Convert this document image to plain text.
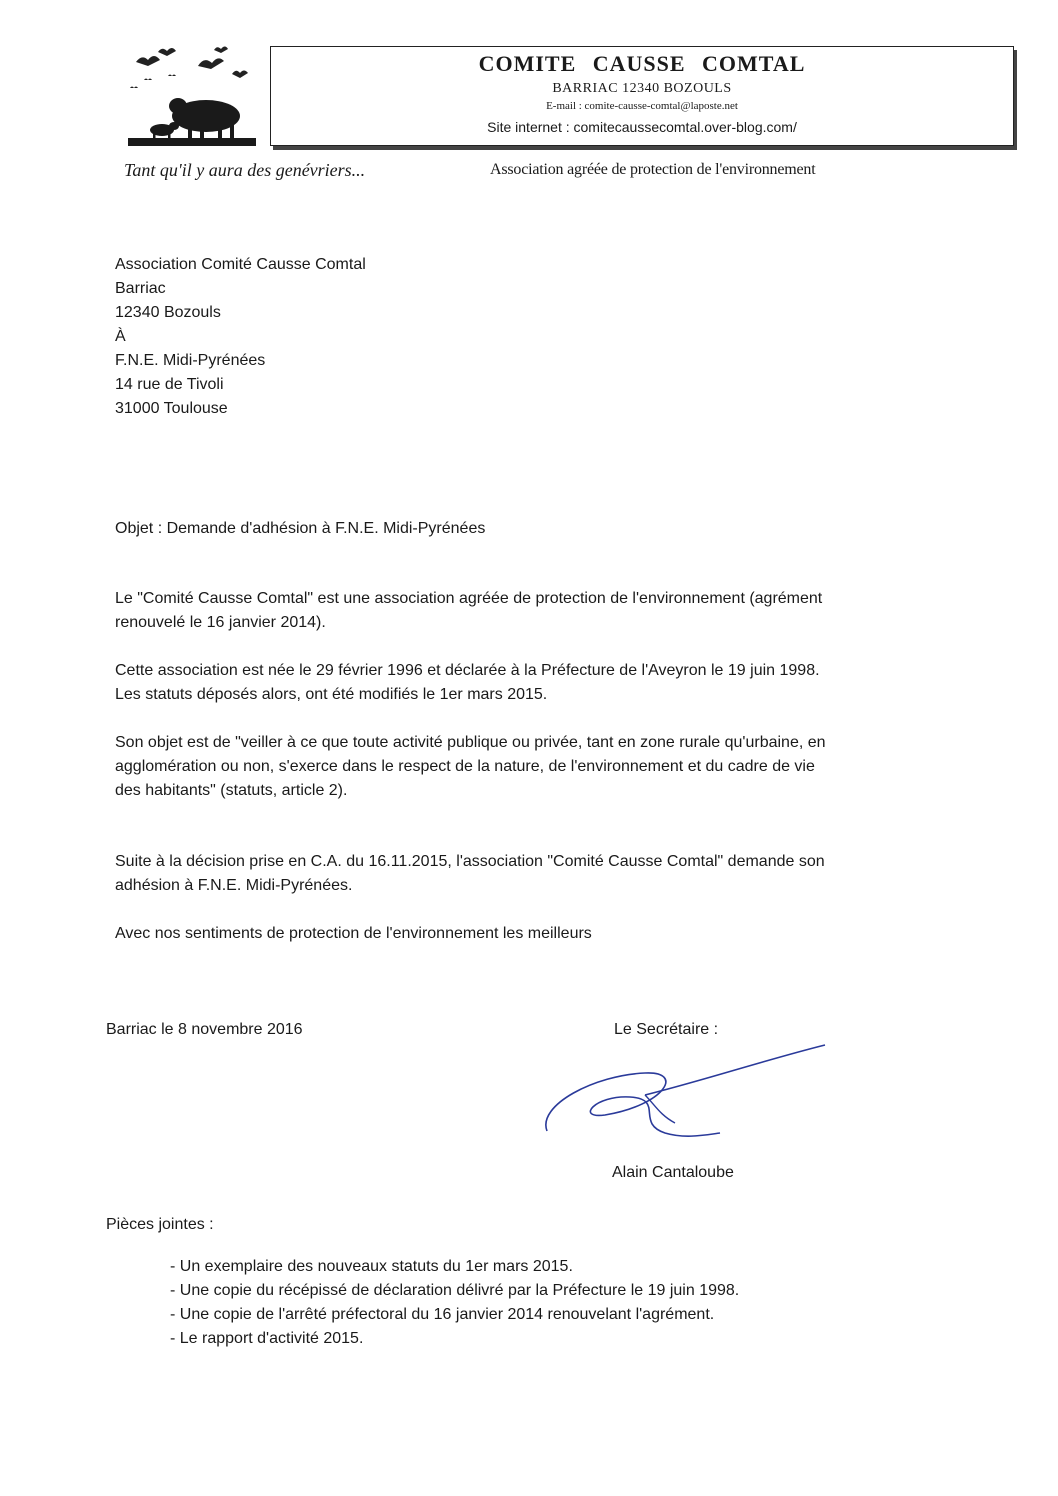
COMITE CAUSSE COMTAL
BARRIAC 12340 BOZOULS
E-mail : comite-causse-comtal@laposte.net
Site internet : comitecaussecomtal.over-blog.com/
Tant qu'il y aura des genévriers...	Association agréée de protection de l'environnement
Association Comité Causse Comtal
Barriac
12340 Bozouls
À
F.N.E. Midi-Pyrénées
14 rue de Tivoli
31000 Toulouse
Objet : Demande d'adhésion à F.N.E. Midi-Pyrénées
Le "Comité Causse Comtal" est une association agréée de protection de l'environnement (agrément
renouvelé le 16 janvier 2014).
Cette association est née le 29 février 1996 et déclarée à la Préfecture de l'Aveyron le 19 juin 1998.
Les statuts déposés alors, ont été modifiés le 1er mars 2015.
Son objet est de "veiller à ce que toute activité publique ou privée, tant en zone rurale qu'urbaine, en
agglomération ou non, s'exerce dans le respect de la nature, de l'environnement et du cadre de vie
des habitants" (statuts, article 2).
Suite à la décision prise en C.A. du 16.11.2015, l'association "Comité Causse Comtal" demande son
adhésion à F.N.E. Midi-Pyrénées.
Avec nos sentiments de protection de l'environnement les meilleurs
Barriac le 8 novembre 2016	Le Secrétaire :
Alain Cantaloube
Pièces jointes :
- Un exemplaire des nouveaux statuts du 1er mars 2015.
- Une copie du récépissé de déclaration délivré par la Préfecture le 19 juin 1998.
- Une copie de l'arrêté préfectoral du 16 janvier 2014 renouvelant l'agrément.
- Le rapport d'activité 2015.
